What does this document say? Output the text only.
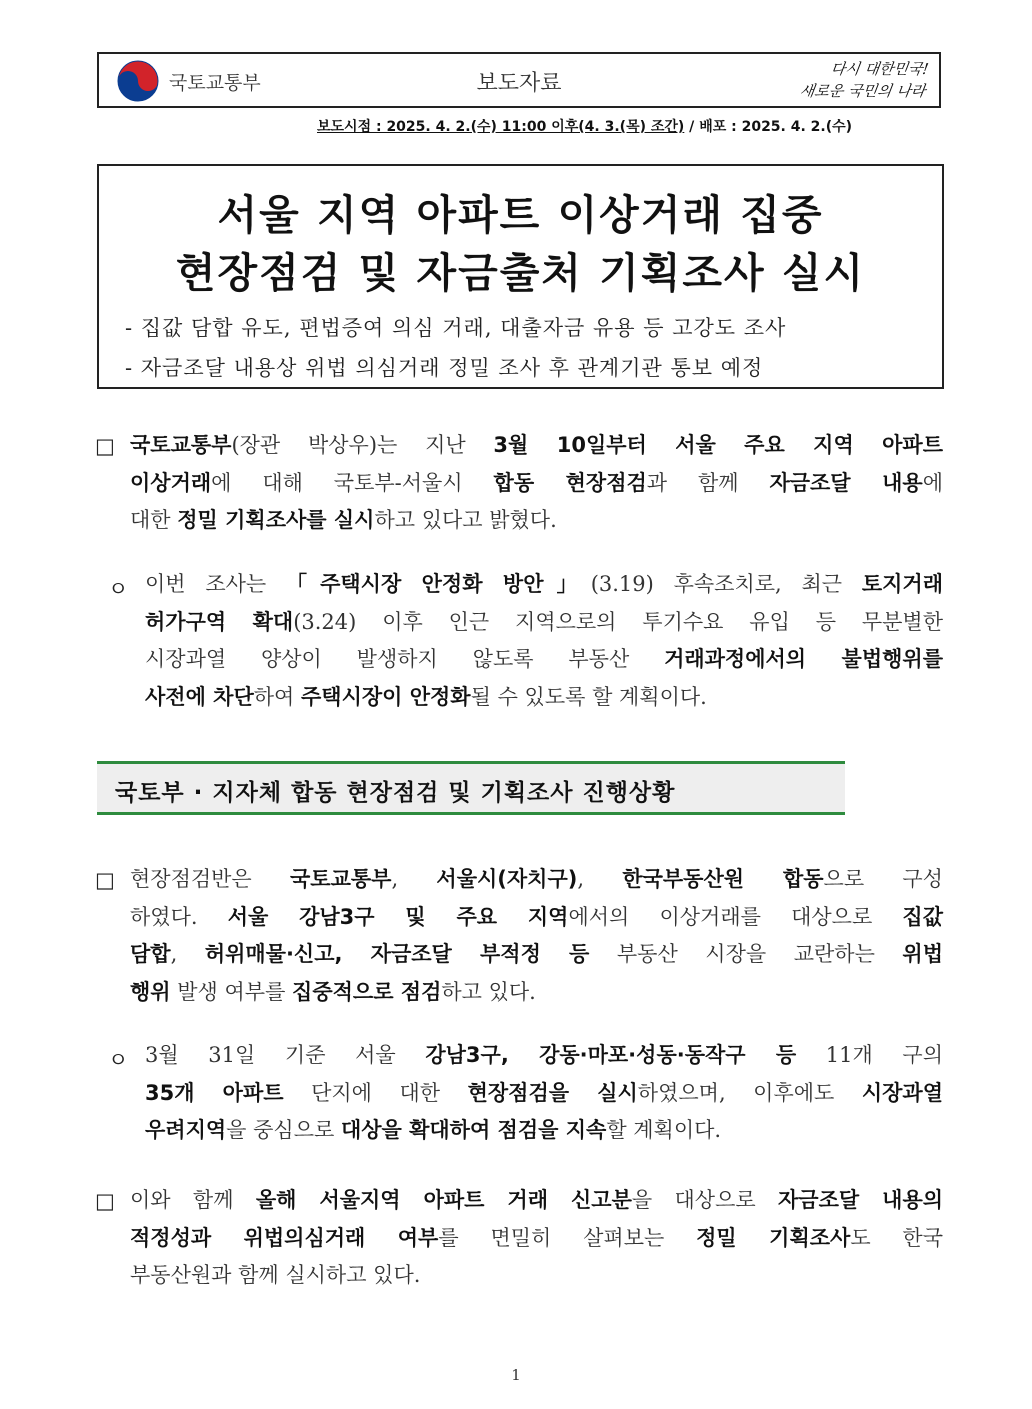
국토교통부	보도자료
다시 대한민국!
새로운 국민의 나라
보도시점 : 2025. 4. 2.(수) 11:00 이후(4. 3.(목) 조간) / 배포 : 2025. 4. 2.(수)
서울 지역 아파트 이상거래 집중
현장점검 및 자금출처 기획조사 실시
- 집값 담합 유도, 편법증여 의심 거래, 대출자금 유용 등 고강도 조사
- 자금조달 내용상 위법 의심거래 정밀 조사 후 관계기관 통보 예정
□ 국토교통부(장관 박상우)는 지난 3월 10일부터 서울 주요 지역 아파트
이상거래에 대해 국토부-서울시 합동 현장점검과 함께 자금조달 내용에
대한 정밀 기획조사를 실시하고 있다고 밝혔다.
ㅇ 이번 조사는 「주택시장 안정화 방안」(3.19) 후속조치로, 최근 토지거래
허가구역 확대(3.24) 이후 인근 지역으로의 투기수요 유입 등 무분별한
시장과열 양상이 발생하지 않도록 부동산 거래과정에서의 불법행위를
사전에 차단하여 주택시장이 안정화될 수 있도록 할 계획이다.
국토부 · 지자체 합동 현장점검 및 기획조사 진행상황
□ 현장점검반은 국토교통부, 서울시(자치구), 한국부동산원 합동으로 구성
하였다. 서울 강남3구 및 주요 지역에서의 이상거래를 대상으로 집값
담합, 허위매물·신고, 자금조달 부적정 등 부동산 시장을 교란하는 위법
행위 발생 여부를 집중적으로 점검하고 있다.
ㅇ 3월 31일 기준 서울 강남3구, 강동·마포·성동·동작구 등 11개 구의
35개 아파트 단지에 대한 현장점검을 실시하였으며, 이후에도 시장과열
우려지역을 중심으로 대상을 확대하여 점검을 지속할 계획이다.
□ 이와 함께 올해 서울지역 아파트 거래 신고분을 대상으로 자금조달 내용의
적정성과 위법의심거래 여부를 면밀히 살펴보는 정밀 기획조사도 한국
부동산원과 함께 실시하고 있다.
1
